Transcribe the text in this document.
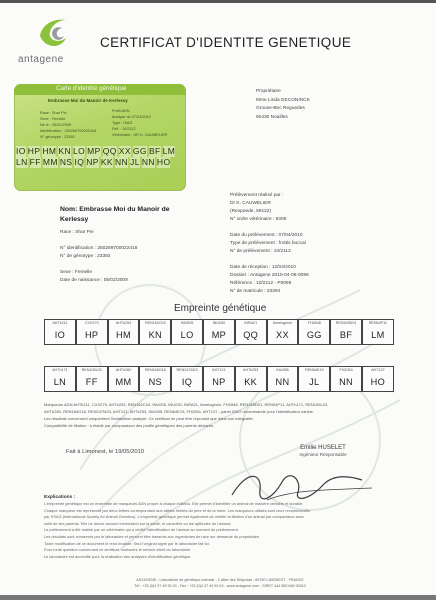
antagene
CERTIFICAT D'IDENTITE GENETIQUE
Carte d'identité génétique
Embrasse Moi du Manoir de Kerlessy
Race : Shar Pei
Sexe : Femelle
Né le : 05/02/2009
Identification : 250269700022418
N° génotype : 23392
Profil ADN
Analyse du 07/04/2010
Type : ISAG
Réf. : 10/2112
Vétérinaire : DR K. CAUWELIER
IO HP HM KN LO MP QQ XX GG BF LM
LN FF MM NS IQ NP KK NN JL NN HO
Propriétaire
Mme Linda DECONINCK
Grouse-Bec Reguedes
60430 Noailles
Prélèvement réalisé par :
Dr K. CAUWELIER
(Rexpoede, 59122)
N° ordre vétérinaire : 9305

Date du prélèvement : 07/04/2010
Type de prélèvement : frottis buccal
N° de prélèvement : 10/2112

Date de réception : 12/04/2010
Dossier : Antagene 2010-04-06-0099
Référence : 10/2112 - P0099
N° de matricule : 23394
Nom: Embrasse Moi du Manoir de
Kerlessy
Race : Shar Pei

N° identification : 250269700022418
N° de génotype : 23392

Sexe : Femelle
Date de naissance : 05/02/2009
Empreinte génétique
AHTk211
IO
CXX279
HP
AHTk253
HM
REN162C04
KN
INU005
LO
INU030
MP
INRA21
QQ
Amelogenin
XX
FH2848
GG
REN169D01
BF
REN54P11
LM
AHTh171
LN
REN105L03
FF
AHTh260
MM
REN169O18
NS
REN247M23
IQ
AHT121
NP
AHTk253
KK
INU055
NN
REN64E19
JL
FH2054
NN
AHT137
HO
Marqueurs ADN AHTk211, CXX279, AHTk253, REN162C04, INU005, INU030, INRA21, Amelogenin, FH2848, REN169D01, REN54P11, AHTh171, REN105L03,
AHTh260, REN169O18, REN247M23, AHT121, AHTk253, INU055, REN64E19, FH2054, AHT137 - panel ISAG recommandé pour l'identification canine.
Les résultats concernent uniquement l'échantillon analysé. Ce certificat ne peut être reproduit que dans son intégralité.
Compatibilité de filiation : à établir par comparaison des profils génétiques des parents déclarés.
Fait à Limonest, le 19/05/2010
Emilie HUSELET
Ingénieur Responsable
Explications :
L'empreinte génétique est un ensemble de marqueurs ADN propre à chaque individu. Elle permet d'identifier un animal de manière certaine et durable.
Chaque marqueur est représenté par deux lettres correspondant aux allèles hérités du père et de la mère. Les marqueurs utilisés sont ceux recommandés
par l'ISAG (International Society for Animal Genetics). L'empreinte génétique permet également de vérifier la filiation d'un animal par comparaison avec
celle de ses parents. Elle ne donne aucune information sur la santé, le caractère ou les aptitudes de l'animal.
Le prélèvement a été réalisé par un vétérinaire qui a vérifié l'identification de l'animal au moment du prélèvement.
Les résultats sont conservés par le laboratoire et peuvent être transmis aux organismes de race sur demande du propriétaire.
Toute modification de ce document le rend invalide. Seul l'original signé par le laboratoire fait foi.
Pour toute question concernant ce certificat, contactez le service client du laboratoire.
Le laboratoire est accrédité pour la réalisation des analyses d'identification génétique.
ANTAGENE - Laboratoire de génétique animale - 2 allée des Séquoias - 69760 LIMONEST - FRANCE
Tél : +33 (0)4 37 49 90 03 - Fax : +33 (0)4 37 49 90 04 - www.antagene.com - SIRET 444 555 666 00012
